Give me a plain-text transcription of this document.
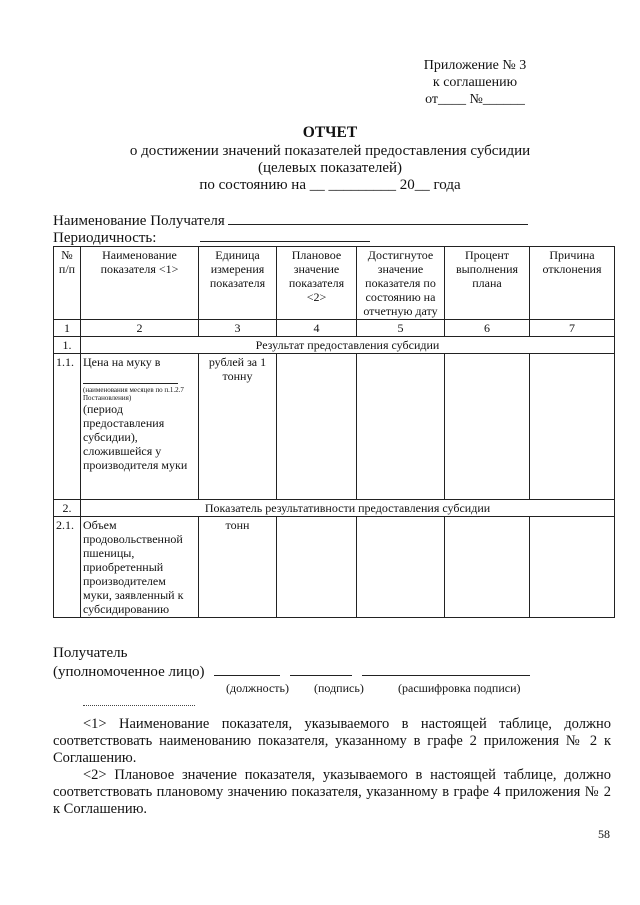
Приложение № 3
к соглашению
от____ №______
ОТЧЕТ
о достижении значений показателей предоставления субсидии
(целевых показателей)
по состоянию на __ _________ 20__ года
Наименование Получателя
Периодичность:
№ п/п	Наименование показателя <1>	Единица измерения показателя	Плановое значение показателя <2>	Достигнутое значение показателя по состоянию на отчетную дату	Процент выполнения плана	Причина отклонения
1	2	3	4	5	6	7
1.	Результат предоставления субсидии					
1.1.	Цена на муку в
(наименования месяцев по п.1.2.7 Постановления)
(период предоставления субсидии), сложившейся у производителя муки	рублей за 1 тонну				
2.	Показатель результативности предоставления субсидии					
2.1.	Объем продовольственной пшеницы, приобретенный производителем муки, заявленный к субсидированию	тонн				
Получатель
(уполномоченное лицо)
(должность) (подпись)	(расшифровка подписи)
<1> Наименование показателя, указываемого в настоящей таблице, должно соответствовать наименованию показателя, указанному в графе 2 приложения № 2 к Соглашению.
<2> Плановое значение показателя, указываемого в настоящей таблице, должно соответствовать плановому значению показателя, указанному в графе 4 приложения № 2 к Соглашению.
58
